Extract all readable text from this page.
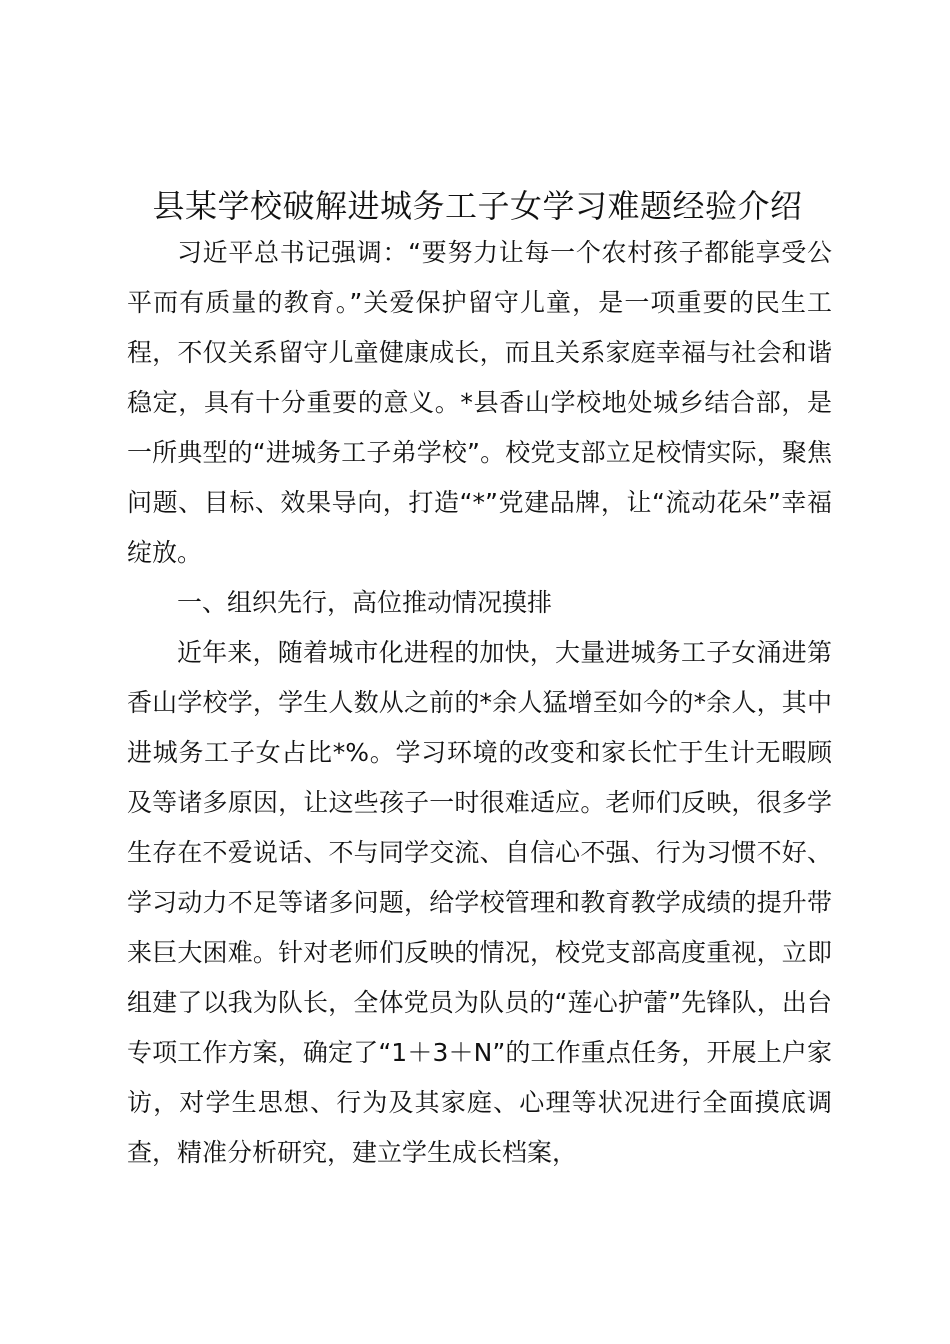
县某学校破解进城务工子女学习难题经验介绍

习近平总书记强调：“要努力让每一个农村孩子都能享受公平而有质量的教育。”关爱保护留守儿童，是一项重要的民生工程，不仅关系留守儿童健康成长，而且关系家庭幸福与社会和谐稳定，具有十分重要的意义。*县香山学校地处城乡结合部，是一所典型的“进城务工子弟学校”。校党支部立足校情实际，聚焦问题、目标、效果导向，打造“*”党建品牌，让“流动花朵”幸福绽放。

一、组织先行，高位推动情况摸排

近年来，随着城市化进程的加快，大量进城务工子女涌进第香山学校学，学生人数从之前的*余人猛增至如今的*余人，其中进城务工子女占比*%。学习环境的改变和家长忙于生计无暇顾及等诸多原因，让这些孩子一时很难适应。老师们反映，很多学生存在不爱说话、不与同学交流、自信心不强、行为习惯不好、学习动力不足等诸多问题，给学校管理和教育教学成绩的提升带来巨大困难。针对老师们反映的情况，校党支部高度重视，立即组建了以我为队长，全体党员为队员的“莲心护蕾”先锋队，出台专项工作方案，确定了“1＋3＋N”的工作重点任务，开展上户家访，对学生思想、行为及其家庭、心理等状况进行全面摸底调查，精准分析研究，建立学生成长档案，
